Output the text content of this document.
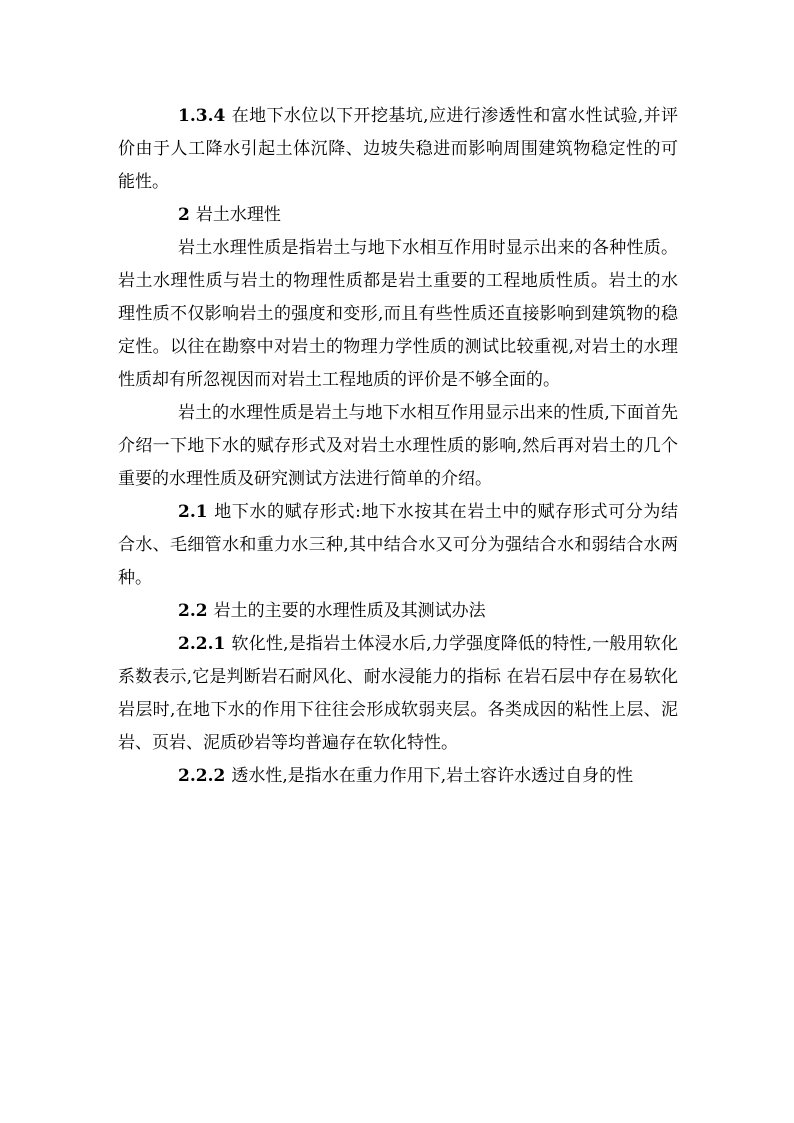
1.3.4 在地下水位以下开挖基坑,应进行渗透性和富水性试验,并评价由于人工降水引起土体沉降、边坡失稳进而影响周围建筑物稳定性的可能性。

2 岩土水理性

岩土水理性质是指岩土与地下水相互作用时显示出来的各种性质。岩土水理性质与岩土的物理性质都是岩土重要的工程地质性质。岩土的水理性质不仅影响岩土的强度和变形,而且有些性质还直接影响到建筑物的稳定性。以往在勘察中对岩土的物理力学性质的测试比较重视,对岩土的水理性质却有所忽视因而对岩土工程地质的评价是不够全面的。

岩土的水理性质是岩土与地下水相互作用显示出来的性质,下面首先介绍一下地下水的赋存形式及对岩土水理性质的影响,然后再对岩土的几个重要的水理性质及研究测试方法进行简单的介绍。

2.1 地下水的赋存形式:地下水按其在岩土中的赋存形式可分为结合水、毛细管水和重力水三种,其中结合水又可分为强结合水和弱结合水两种。

2.2 岩土的主要的水理性质及其测试办法

2.2.1 软化性,是指岩土体浸水后,力学强度降低的特性,一般用软化系数表示,它是判断岩石耐风化、耐水浸能力的指标 在岩石层中存在易软化岩层时,在地下水的作用下往往会形成软弱夹层。各类成因的粘性上层、泥岩、页岩、泥质砂岩等均普遍存在软化特性。

2.2.2 透水性,是指水在重力作用下,岩土容许水透过自身的性
